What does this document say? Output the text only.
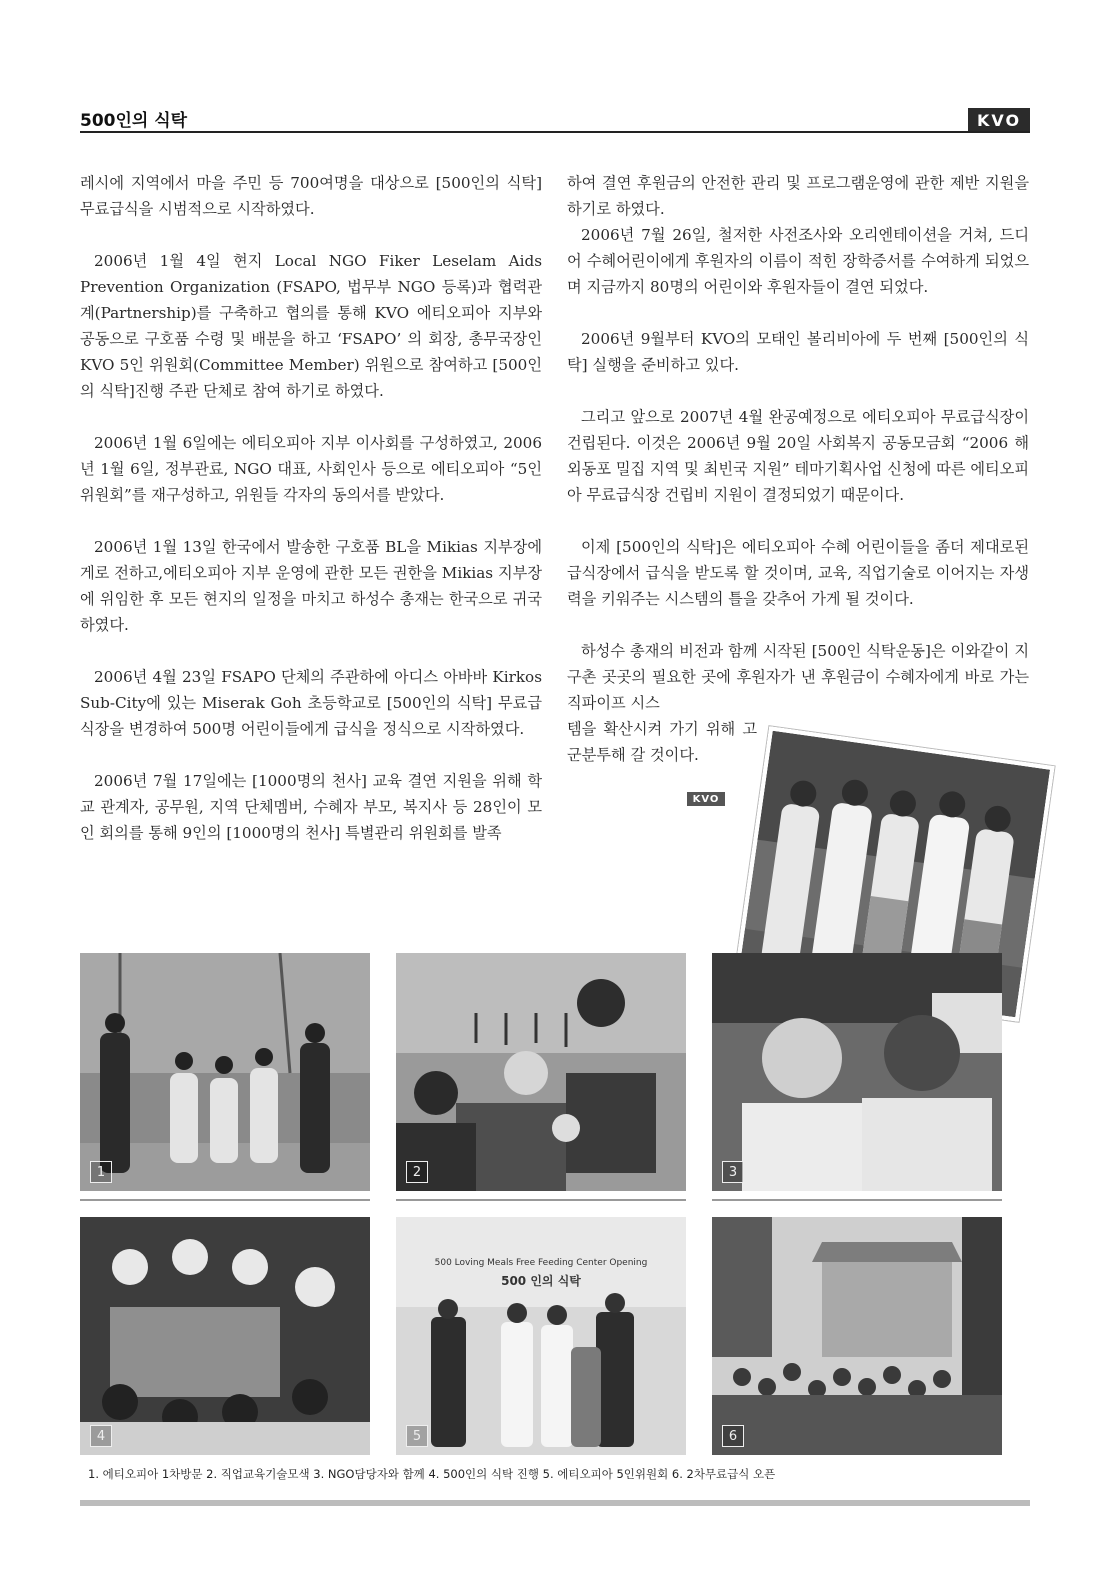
500인의 식탁	KVO

레시에 지역에서 마을 주민 등 700여명을 대상으로 [500인의 식탁] 무료급식을 시범적으로 시작하였다.

2006년 1월 4일 현지 Local NGO Fiker Leselam Aids Prevention Organization (FSAPO, 법무부 NGO 등록)과 협력관계(Partnership)를 구축하고 협의를 통해 KVO 에티오피아 지부와 공동으로 구호품 수령 및 배분을 하고 ‘FSAPO’ 의 회장, 총무국장인 KVO 5인 위원회(Committee Member) 위원으로 참여하고 [500인의 식탁]진행 주관 단체로 참여 하기로 하였다.

2006년 1월 6일에는 에티오피아 지부 이사회를 구성하였고, 2006년 1월 6일, 정부관료, NGO 대표, 사회인사 등으로 에티오피아 “5인 위원회”를 재구성하고, 위원들 각자의 동의서를 받았다.

2006년 1월 13일 한국에서 발송한 구호품 BL을 Mikias 지부장에게로 전하고,에티오피아 지부 운영에 관한 모든 권한을 Mikias 지부장에 위임한 후 모든 현지의 일정을 마치고 하성수 총재는 한국으로 귀국하였다.

2006년 4월 23일 FSAPO 단체의 주관하에 아디스 아바바 Kirkos Sub-City에 있는 Miserak Goh 초등학교로 [500인의 식탁] 무료급식장을 변경하여 500명 어린이들에게 급식을 정식으로 시작하였다.

2006년 7월 17일에는 [1000명의 천사] 교육 결연 지원을 위해 학교 관계자, 공무원, 지역 단체멤버, 수혜자 부모, 복지사 등 28인이 모인 회의를 통해 9인의 [1000명의 천사] 특별관리 위원회를 발족

하여 결연 후원금의 안전한 관리 및 프로그램운영에 관한 제반 지원을 하기로 하였다.

2006년 7월 26일, 철저한 사전조사와 오리엔테이션을 거쳐, 드디어 수혜어린이에게 후원자의 이름이 적힌 장학증서를 수여하게 되었으며 지금까지 80명의 어린이와 후원자들이 결연 되었다.

2006년 9월부터 KVO의 모태인 볼리비아에 두 번째 [500인의 식탁] 실행을 준비하고 있다.

그리고 앞으로 2007년 4월 완공예정으로 에티오피아 무료급식장이 건립된다. 이것은 2006년 9월 20일 사회복지 공동모금회 “2006 해외동포 밀집 지역 및 최빈국 지원” 테마기획사업 신청에 따른 에티오피아 무료급식장 건립비 지원이 결정되었기 때문이다.

이제 [500인의 식탁]은 에티오피아 수혜 어린이들을 좀더 제대로된 급식장에서 급식을 받도록 할 것이며, 교육, 직업기술로 이어지는 자생력을 키워주는 시스템의 틀을 갖추어 가게 될 것이다.

하성수 총재의 비전과 함께 시작된 [500인 식탁운동]은 이와같이 지구촌 곳곳의 필요한 곳에 후원자가 낸 후원금이 수혜자에게 바로 가는 직파이프 시스

템을 확산시켜 가기 위해 고군분투해 갈 것이다.

KVO
1	2	3
4
500 Loving Meals Free Feeding Center Opening
500 인의 식탁
5	6
1. 에티오피아 1차방문 2. 직업교육기술모색 3. NGO담당자와 함께 4. 500인의 식탁 진행 5. 에티오피아 5인위원회 6. 2차무료급식 오픈
